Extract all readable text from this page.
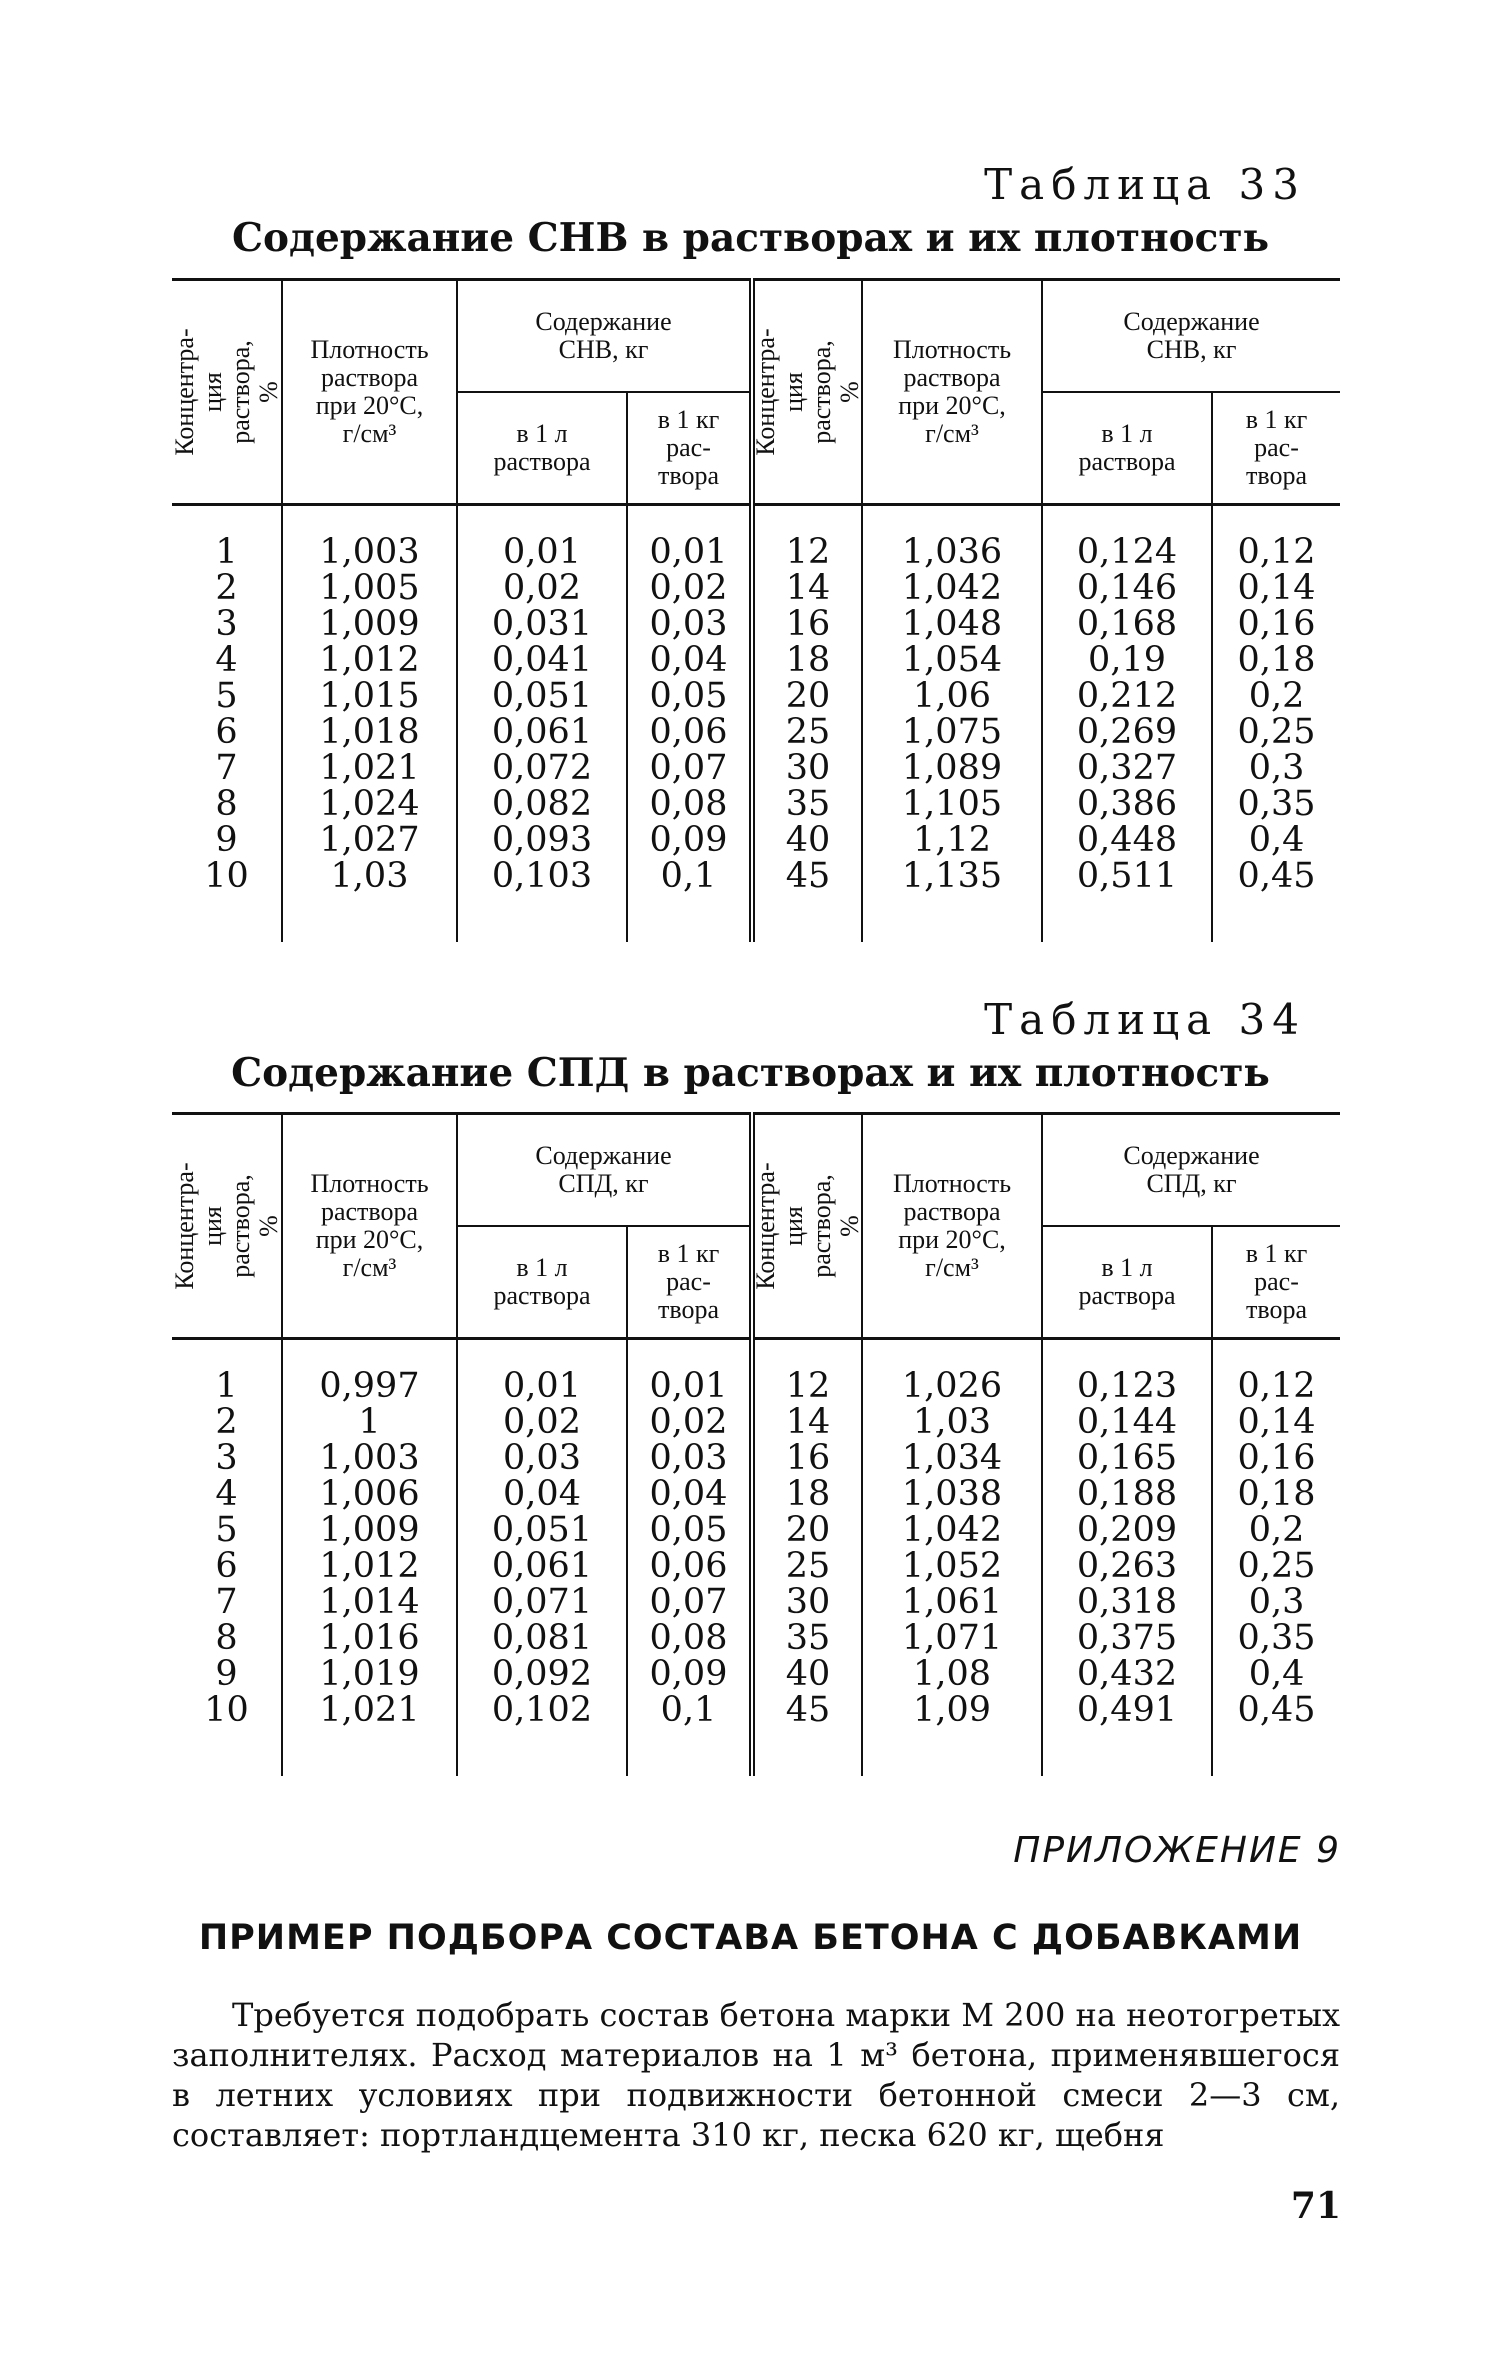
Таблица 33
Содержание СНВ в растворах и их плотность
Концентра-
ция раствора,
%	Плотность
раствора
при 20°С,
г/см³	Содержание
СНВ, кг		Концентра-
ция раствора,
%	Плотность
раствора
при 20°С,
г/см³	Содержание
СНВ, кг	
		в 1 л
раствора	в 1 кг
рас-
твора			в 1 л
раствора	в 1 кг
рас-
твора
1	1,003	0,01	0,01	12	1,036	0,124	0,12
2	1,005	0,02	0,02	14	1,042	0,146	0,14
3	1,009	0,031	0,03	16	1,048	0,168	0,16
4	1,012	0,041	0,04	18	1,054	0,19	0,18
5	1,015	0,051	0,05	20	1,06	0,212	0,2
6	1,018	0,061	0,06	25	1,075	0,269	0,25
7	1,021	0,072	0,07	30	1,089	0,327	0,3
8	1,024	0,082	0,08	35	1,105	0,386	0,35
9	1,027	0,093	0,09	40	1,12	0,448	0,4
10	1,03	0,103	0,1	45	1,135	0,511	0,45
Таблица 34
Содержание СПД в растворах и их плотность
Концентра-
ция раствора,
%	Плотность
раствора
при 20°С,
г/см³	Содержание
СПД, кг		Концентра-
ция раствора,
%	Плотность
раствора
при 20°С,
г/см³	Содержание
СПД, кг	
		в 1 л
раствора	в 1 кг
рас-
твора			в 1 л
раствора	в 1 кг
рас-
твора
1	0,997	0,01	0,01	12	1,026	0,123	0,12
2	1	0,02	0,02	14	1,03	0,144	0,14
3	1,003	0,03	0,03	16	1,034	0,165	0,16
4	1,006	0,04	0,04	18	1,038	0,188	0,18
5	1,009	0,051	0,05	20	1,042	0,209	0,2
6	1,012	0,061	0,06	25	1,052	0,263	0,25
7	1,014	0,071	0,07	30	1,061	0,318	0,3
8	1,016	0,081	0,08	35	1,071	0,375	0,35
9	1,019	0,092	0,09	40	1,08	0,432	0,4
10	1,021	0,102	0,1	45	1,09	0,491	0,45
ПРИЛОЖЕНИЕ 9
ПРИМЕР ПОДБОРА СОСТАВА БЕТОНА С ДОБАВКАМИ
Требуется подобрать состав бетона марки М 200 на неотогретых заполнителях. Расход материалов на 1 м³ бетона, применявшегося в летних условиях при подвижности бетонной смеси 2—3 см, составляет: портландцемента 310 кг, песка 620 кг, щебня
71
